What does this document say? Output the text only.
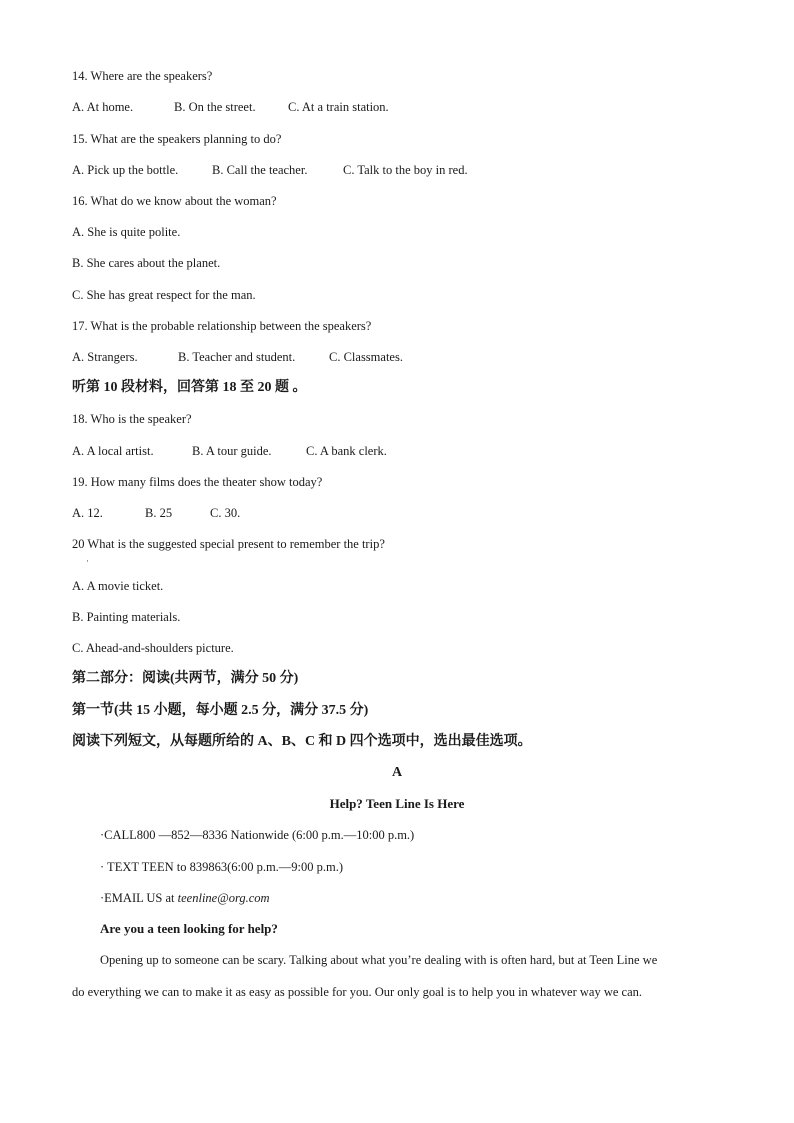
14. Where are the speakers?
A. At home.	B. On the street.	C. At a train station.
15. What are the speakers planning to do?
A. Pick up the bottle.	B. Call the teacher.	C. Talk to the boy in red.
16. What do we know about the woman?
A. She is quite polite.
B. She cares about the planet.
C. She has great respect for the man.
17. What is the probable relationship between the speakers?
A. Strangers.	B. Teacher and student.	C. Classmates.
听第 10 段材料，回答第 18 至 20 题 。
18. Who is the speaker?
A. A local artist.	B. A tour guide.	C. A bank clerk.
19. How many films does the theater show today?
A. 12.	B. 25	C. 30.
20 What is the suggested special present to remember the trip?
·
A. A movie ticket.
B. Painting materials.
C. Ahead-and-shoulders picture.
第二部分：阅读(共两节，满分 50 分)
第一节(共 15 小题，每小题 2.5 分，满分 37.5 分)
阅读下列短文，从每题所给的 A、B、C 和 D 四个选项中，选出最佳选项。
A
Help? Teen Line Is Here
·CALL800 —852—8336 Nationwide (6:00 p.m.—10:00 p.m.)
· TEXT TEEN to 839863(6:00 p.m.—9:00 p.m.)
·EMAIL US at teenline@org.com
Are you a teen looking for help?
Opening up to someone can be scary. Talking about what you’re dealing with is often hard, but at Teen Line we
do everything we can to make it as easy as possible for you. Our only goal is to help you in whatever way we can.
